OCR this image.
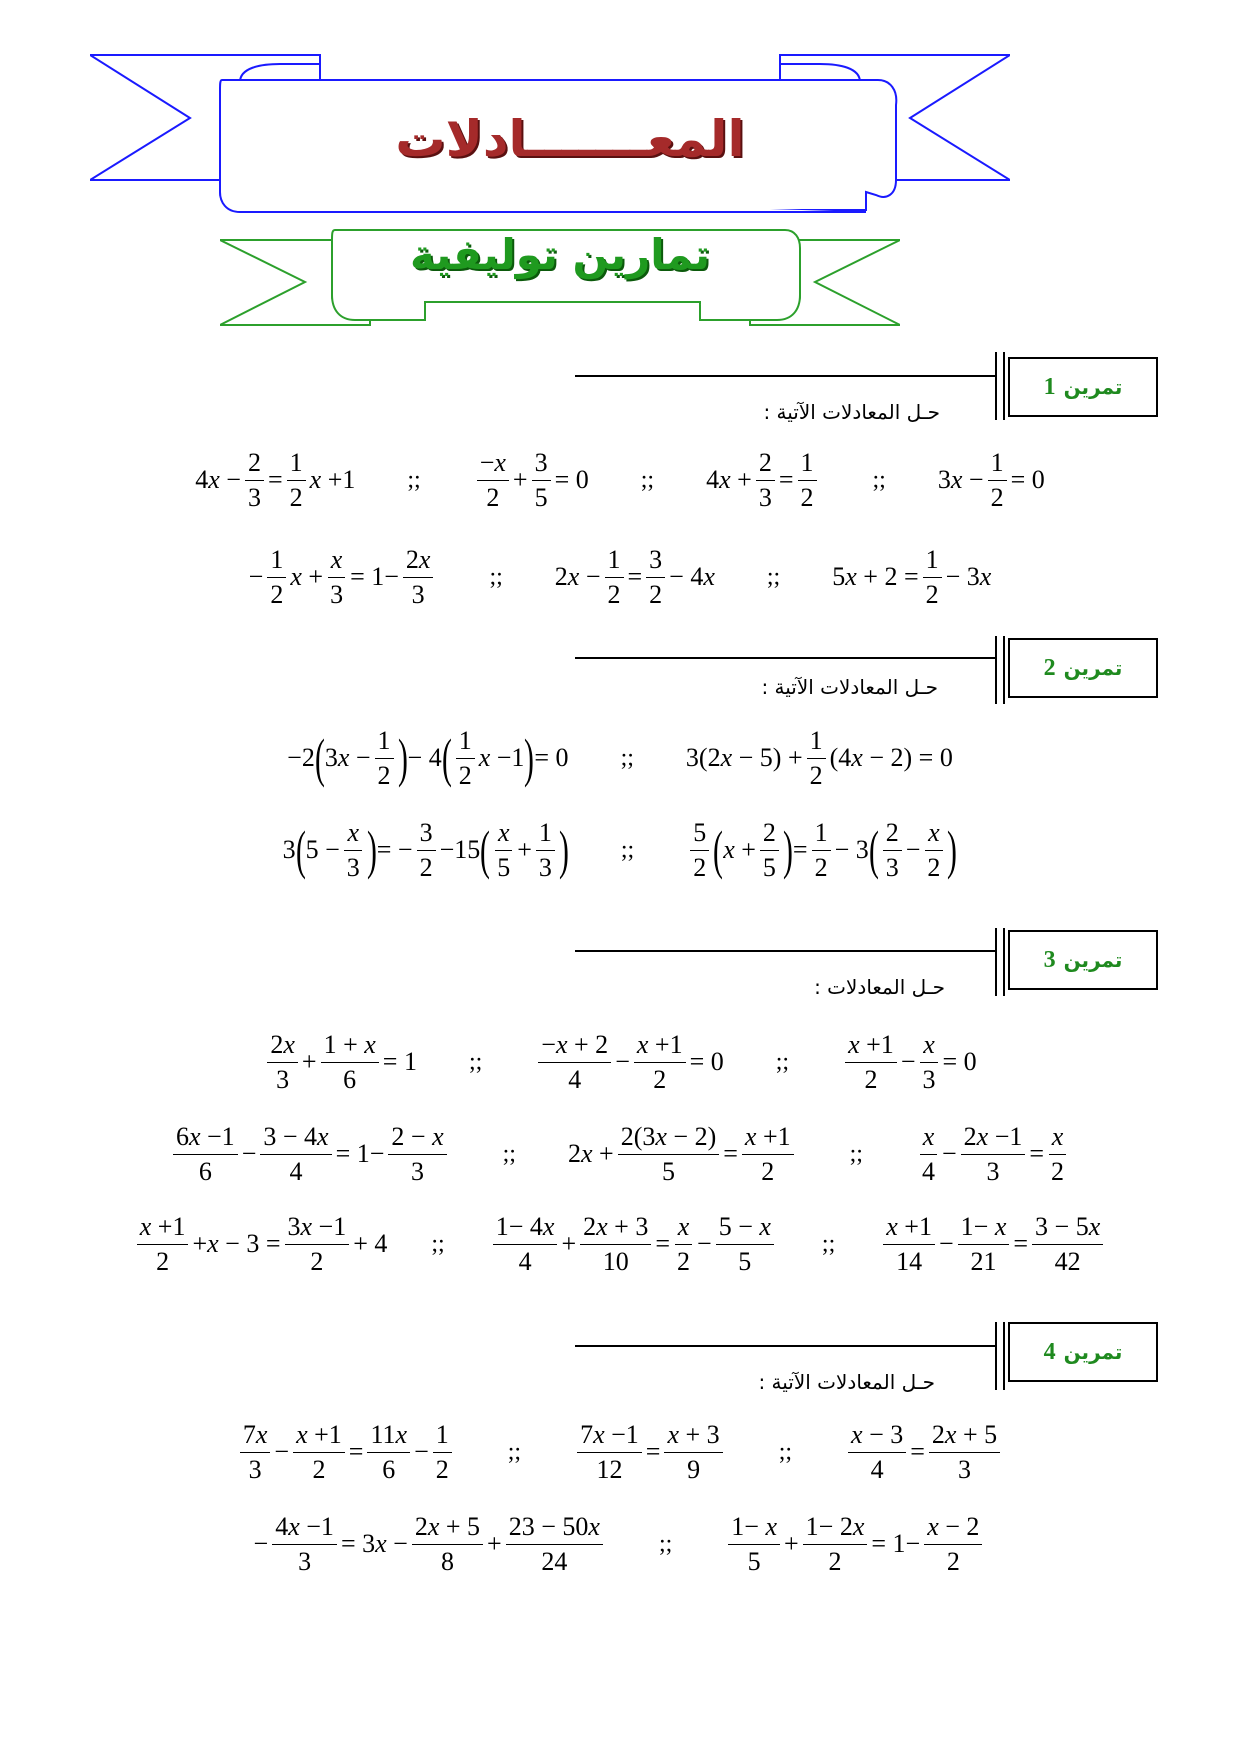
المعـــــــادلات
تمارين توليفية
تمرين
1
حـل المعادلات الآتية :
4 $x - \frac{2}{3} = \frac{1}{2}$ x +1 ;; $\frac{-x}{2} + \frac{3}{5} = 0$ ;; 4 $x + \frac{2}{3} = \frac{1}{2}$ ;; 3 $x - \frac{1}{2} = 0$
− $\frac{1}{2}$ $x + \frac{x}{3} = 1- \frac{2x}{3}$ ;; 2 $x - \frac{1}{2} = \frac{3}{2} - 4$ x ;; 5 $x + 2 = \frac{1}{2} - 3$ x
تمرين
2
حـل المعادلات الآتية :
−2 ( 3 $x - \frac{1}{2}$ ) − 4 ( $\frac{1}{2}$ x −1 ) = 0 ;; 3(2 $x - 5) + \frac{1}{2} (4$ x − 2) = 0
3 ( $5 - \frac{x}{3}$ ) = − $\frac{3}{2} -15$ ( $\frac{x}{5} + \frac{1}{3}$ ) ;; $\frac{5}{2}$ ( $x + \frac{2}{5}$ ) = $\frac{1}{2} - 3$ ( $\frac{2}{3} - \frac{x}{2}$ )
تمرين
3
حـل المعادلات :
$\frac{2x}{3} + \frac{1 + x}{6} = 1$ ;; $\frac{-x + 2}{4} - \frac{x +1}{2} = 0$ ;; $\frac{x +1}{2} - \frac{x}{3} = 0$
$\frac{6x -1}{6} - \frac{3 - 4x}{4} = 1- \frac{2 - x}{3}$ ;; 2 $x + \frac{2(3x - 2)}{5} = \frac{x +1}{2}$ ;; $\frac{x}{4} - \frac{2x -1}{3} = \frac{x}{2}$
$\frac{x +1}{2} + x - 3 = \frac{3x -1}{2} + 4$ ;; $\frac{1- 4x}{4} + \frac{2x + 3}{10} = \frac{x}{2} - \frac{5 - x}{5}$ ;; $\frac{x +1}{14} - \frac{1- x}{21} = \frac{3 - 5x}{42}$
تمرين
4
حـل المعادلات الآتية :
$\frac{7x}{3} - \frac{x +1}{2} = \frac{11x}{6} - \frac{1}{2}$ ;; $\frac{7x -1}{12} = \frac{x + 3}{9}$ ;; $\frac{x - 3}{4} = \frac{2x + 5}{3}$
− $\frac{4x -1}{3} = 3$ $x - \frac{2x + 5}{8} + \frac{23 - 50x}{24}$ ;; $\frac{1- x}{5} + \frac{1- 2x}{2} = 1- \frac{x - 2}{2}$
